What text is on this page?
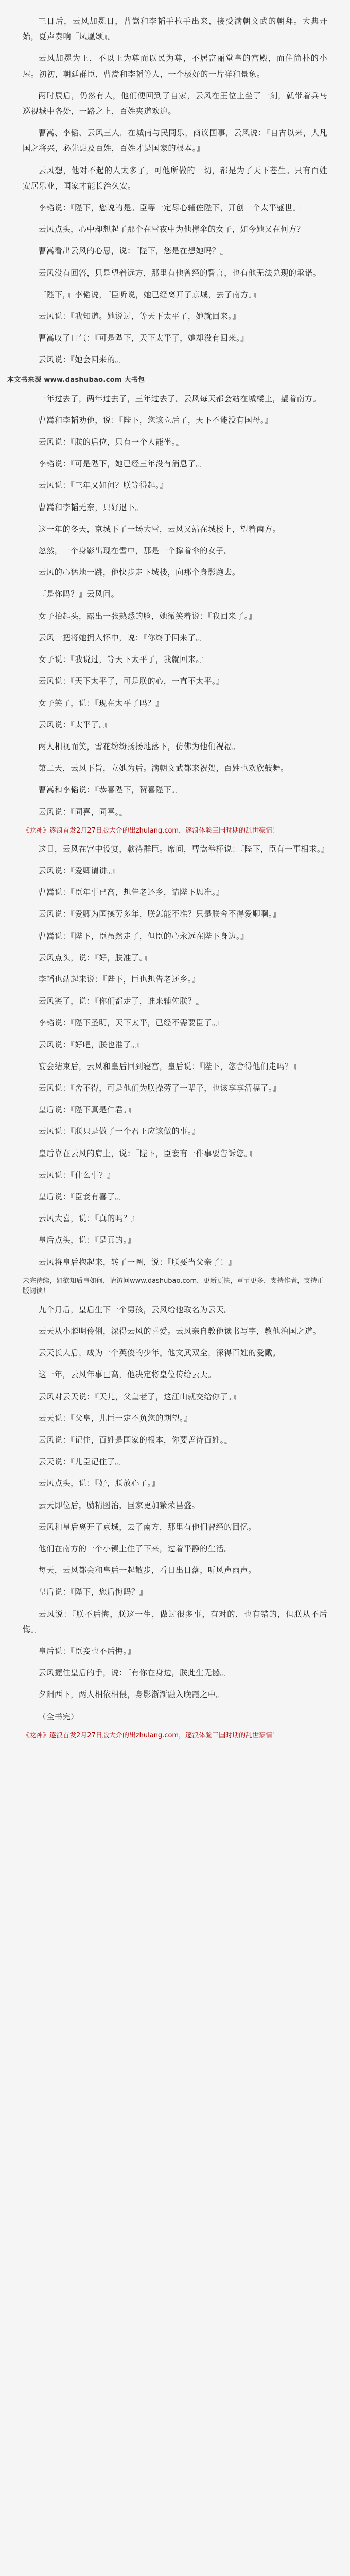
三日后，云风加冕日，曹嵩和李韬手拉手出来，接受满朝文武的朝拜。大典开始，夏声奏响『凤凰颂』。

云风加冕为王，不以王为尊而以民为尊，不居富丽堂皇的宫殿，而住简朴的小屋。初初，朝廷群臣，曹嵩和李韬等人，一个极好的一片祥和景象。

两时辰后，仍然有人，他们便回到了自家，云风在王位上坐了一刻，就带着兵马巡视城中各处，一路之上，百姓夹道欢迎。

曹嵩、李韬、云风三人，在城南与民同乐，商议国事，云风说：『自古以来，大凡国之将兴，必先惠及百姓，百姓才是国家的根本。』

云风想，他对不起的人太多了，可他所做的一切，都是为了天下苍生。只有百姓安居乐业，国家才能长治久安。

李韬说：『陛下，您说的是。臣等一定尽心辅佐陛下，开创一个太平盛世。』

云风点头，心中却想起了那个在雪夜中为他撑伞的女子，如今她又在何方？

曹嵩看出云风的心思，说：『陛下，您是在想她吗？』

云风没有回答，只是望着远方，那里有他曾经的誓言，也有他无法兑现的承诺。

『陛下，』李韬说，『臣听说，她已经离开了京城，去了南方。』

云风说：『我知道。她说过，等天下太平了，她就回来。』

曹嵩叹了口气：『可是陛下，天下太平了，她却没有回来。』

云风说：『她会回来的。』

本文书来源 www.dashubao.com 大书包

一年过去了，两年过去了，三年过去了。云风每天都会站在城楼上，望着南方。

曹嵩和李韬劝他，说：『陛下，您该立后了，天下不能没有国母。』

云风说：『朕的后位，只有一个人能坐。』

李韬说：『可是陛下，她已经三年没有消息了。』

云风说：『三年又如何？朕等得起。』

曹嵩和李韬无奈，只好退下。

这一年的冬天，京城下了一场大雪，云风又站在城楼上，望着南方。

忽然，一个身影出现在雪中，那是一个撑着伞的女子。

云风的心猛地一跳，他快步走下城楼，向那个身影跑去。

『是你吗？』云风问。

女子抬起头，露出一张熟悉的脸，她微笑着说：『我回来了。』

云风一把将她拥入怀中，说：『你终于回来了。』

女子说：『我说过，等天下太平了，我就回来。』

云风说：『天下太平了，可是朕的心，一直不太平。』

女子笑了，说：『现在太平了吗？』

云风说：『太平了。』

两人相视而笑，雪花纷纷扬扬地落下，仿佛为他们祝福。

第二天，云风下旨，立她为后。满朝文武都来祝贺，百姓也欢欣鼓舞。

曹嵩和李韬说：『恭喜陛下，贺喜陛下。』

云风说：『同喜，同喜。』

《龙神》逐浪首发2月27日版大介的出zhulang.com，逐浪体验三国时期的乱世豪情！

这日，云风在宫中设宴，款待群臣。席间，曹嵩举杯说：『陛下，臣有一事相求。』

云风说：『爱卿请讲。』

曹嵩说：『臣年事已高，想告老还乡，请陛下恩准。』

云风说：『爱卿为国操劳多年，朕怎能不准？只是朕舍不得爱卿啊。』

曹嵩说：『陛下，臣虽然走了，但臣的心永远在陛下身边。』

云风点头，说：『好，朕准了。』

李韬也站起来说：『陛下，臣也想告老还乡。』

云风笑了，说：『你们都走了，谁来辅佐朕？』

李韬说：『陛下圣明，天下太平，已经不需要臣了。』

云风说：『好吧，朕也准了。』

宴会结束后，云风和皇后回到寝宫，皇后说：『陛下，您舍得他们走吗？』

云风说：『舍不得，可是他们为朕操劳了一辈子，也该享享清福了。』

皇后说：『陛下真是仁君。』

云风说：『朕只是做了一个君王应该做的事。』

皇后靠在云风的肩上，说：『陛下，臣妾有一件事要告诉您。』

云风说：『什么事？』

皇后说：『臣妾有喜了。』

云风大喜，说：『真的吗？』

皇后点头，说：『是真的。』

云风将皇后抱起来，转了一圈，说：『朕要当父亲了！』

未完待续，如欲知后事如何，请访问www.dashubao.com，更新更快，章节更多，支持作者，支持正版阅读！

九个月后，皇后生下一个男孩，云风给他取名为云天。

云天从小聪明伶俐，深得云风的喜爱。云风亲自教他读书写字，教他治国之道。

云天长大后，成为一个英俊的少年。他文武双全，深得百姓的爱戴。

这一年，云风年事已高，他决定将皇位传给云天。

云风对云天说：『天儿，父皇老了，这江山就交给你了。』

云天说：『父皇，儿臣一定不负您的期望。』

云风说：『记住，百姓是国家的根本，你要善待百姓。』

云天说：『儿臣记住了。』

云风点头，说：『好，朕放心了。』

云天即位后，励精图治，国家更加繁荣昌盛。

云风和皇后离开了京城，去了南方，那里有他们曾经的回忆。

他们在南方的一个小镇上住了下来，过着平静的生活。

每天，云风都会和皇后一起散步，看日出日落，听风声雨声。

皇后说：『陛下，您后悔吗？』

云风说：『朕不后悔，朕这一生，做过很多事，有对的，也有错的，但朕从不后悔。』

皇后说：『臣妾也不后悔。』

云风握住皇后的手，说：『有你在身边，朕此生无憾。』

夕阳西下，两人相依相偎，身影渐渐融入晚霞之中。

（全书完）

《龙神》逐浪首发2月27日版大介的出zhulang.com，逐浪体验三国时期的乱世豪情！
